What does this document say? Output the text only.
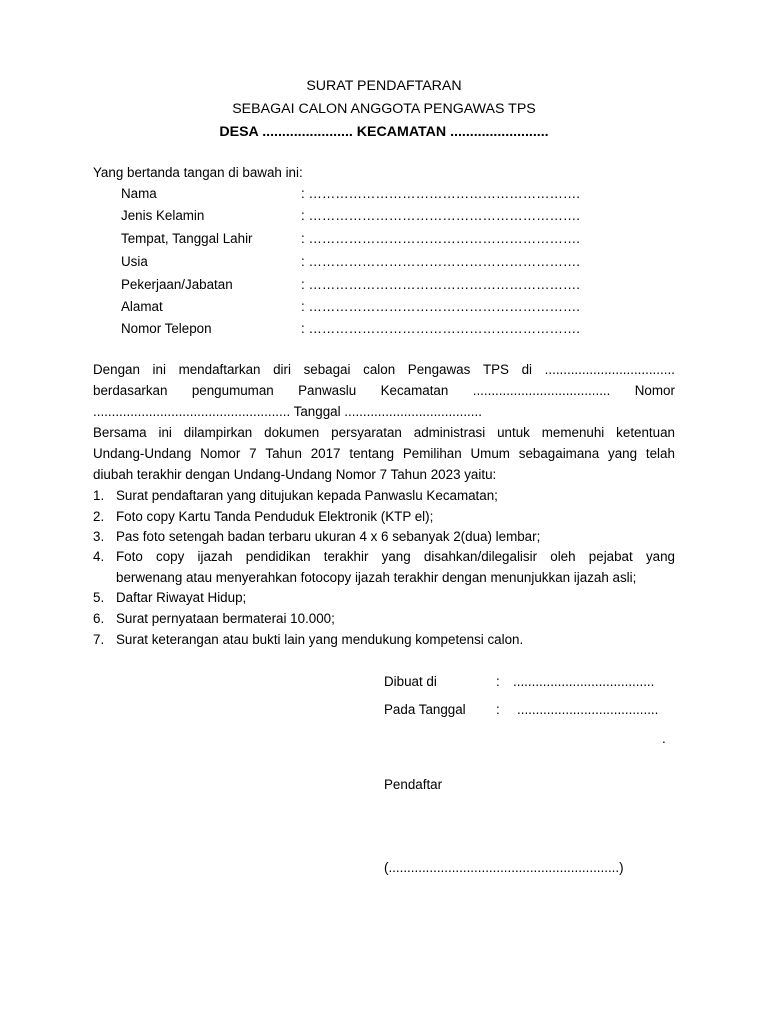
SURAT PENDAFTARAN
SEBAGAI CALON ANGGOTA PENGAWAS TPS
DESA ....................... KECAMATAN .........................
Yang bertanda tangan di bawah ini:
Nama	: …………………………………………………….
Jenis Kelamin	: …………………………………………………….
Tempat, Tanggal Lahir	: …………………………………………………….
Usia	: …………………………………………………….
Pekerjaan/Jabatan	: …………………………………………………….
Alamat	: …………………………………………………….
Nomor Telepon	: …………………………………………………….
Dengan ini mendaftarkan diri sebagai calon Pengawas TPS di ...................................
berdasarkan pengumuman Panwaslu Kecamatan ..................................... Nomor
..................................................... Tanggal .....................................
Bersama ini dilampirkan dokumen persyaratan administrasi untuk memenuhi ketentuan
Undang-Undang Nomor 7 Tahun 2017 tentang Pemilihan Umum sebagaimana yang telah
diubah terakhir dengan Undang-Undang Nomor 7 Tahun 2023 yaitu:
1. Surat pendaftaran yang ditujukan kepada Panwaslu Kecamatan;
2. Foto copy Kartu Tanda Penduduk Elektronik (KTP el);
3. Pas foto setengah badan terbaru ukuran 4 x 6 sebanyak 2(dua) lembar;
4. Foto copy ijazah pendidikan terakhir yang disahkan/dilegalisir oleh pejabat yang
berwenang atau menyerahkan fotocopy ijazah terakhir dengan menunjukkan ijazah asli;
5. Daftar Riwayat Hidup;
6. Surat pernyataan bermaterai 10.000;
7. Surat keterangan atau bukti lain yang mendukung kompetensi calon.
Dibuat di	: ......................................
Pada Tanggal : ......................................
.
Pendaftar
(..............................................................)
